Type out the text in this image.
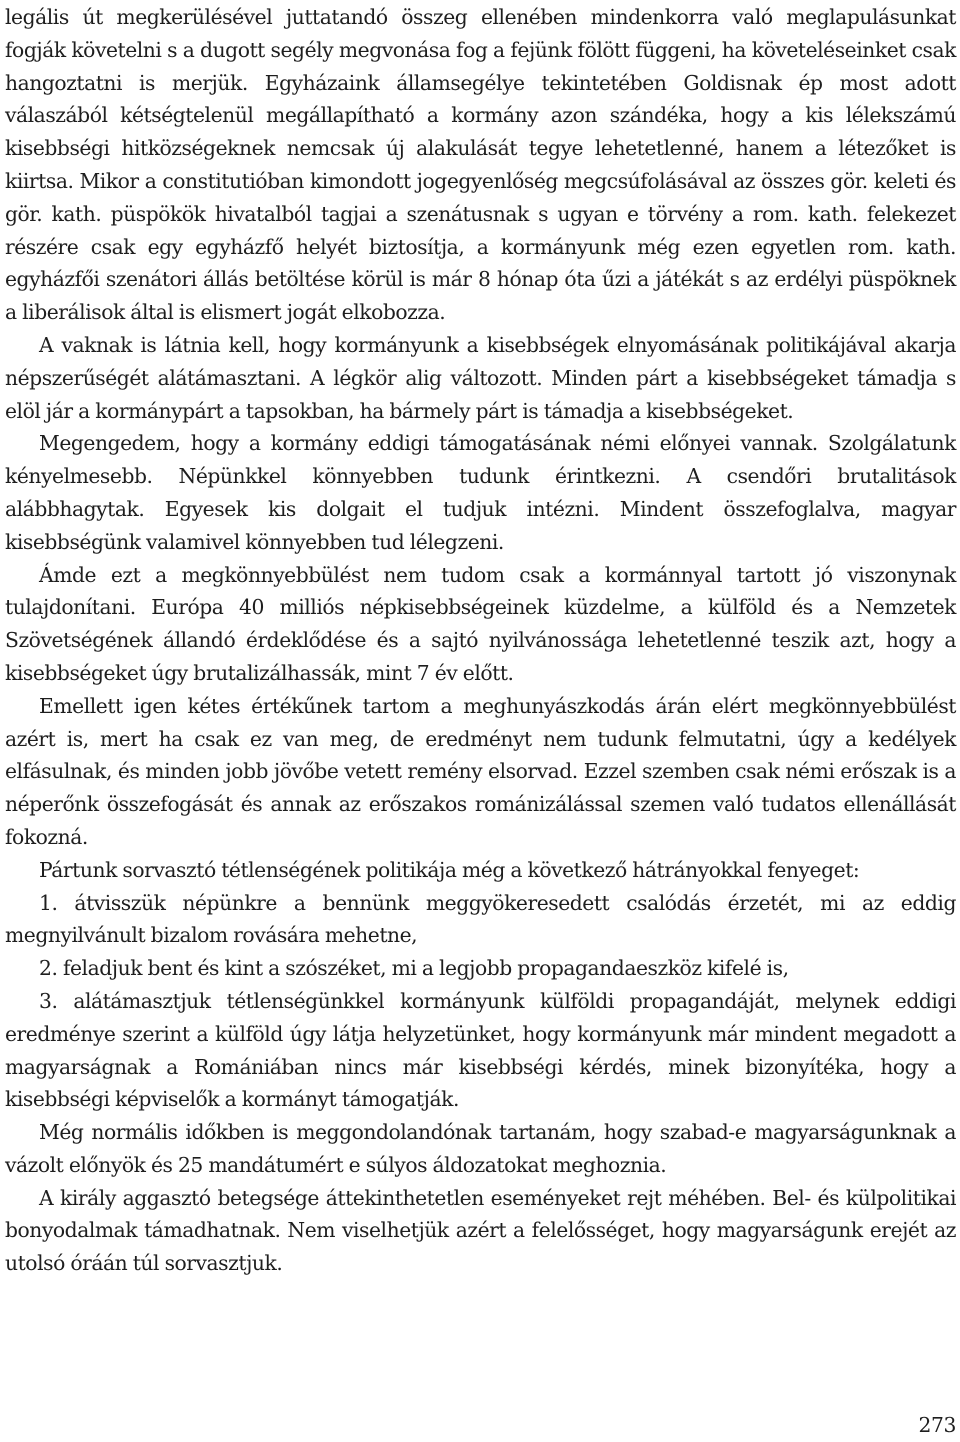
legális út megkerülésével juttatandó összeg ellenében mindenkorra való meglapulásunkat fogják követelni s a dugott segély megvonása fog a fejünk fölött függeni, ha követeléseinket csak hangoztatni is merjük. Egyházaink államsegélye tekintetében Goldisnak ép most adott válaszából kétségtelenül megállapítható a kormány azon szándéka, hogy a kis lélekszámú kisebbségi hitközségeknek nemcsak új alakulását tegye lehetetlenné, hanem a létezőket is kiirtsa. Mikor a constitutióban kimondott jogegyenlőség megcsúfolásával az összes gör. keleti és gör. kath. püspökök hivatalból tagjai a szenátusnak s ugyan e törvény a rom. kath. felekezet részére csak egy egyházfő helyét biztosítja, a kormányunk még ezen egyetlen rom. kath. egyházfői szenátori állás betöltése körül is már 8 hónap óta űzi a játékát s az erdélyi püspöknek a liberálisok által is elismert jogát elkobozza.

A vaknak is látnia kell, hogy kormányunk a kisebbségek elnyomásának politikájával akarja népszerűségét alátámasztani. A légkör alig változott. Minden párt a kisebbségeket támadja s elöl jár a kormánypárt a tapsokban, ha bármely párt is támadja a kisebbségeket.

Megengedem, hogy a kormány eddigi támogatásának némi előnyei vannak. Szolgálatunk kényelmesebb. Népünkkel könnyebben tudunk érintkezni. A csendőri brutalitások alábbhagytak. Egyesek kis dolgait el tudjuk intézni. Mindent összefoglalva, magyar kisebbségünk valamivel könnyebben tud lélegzeni.

Ámde ezt a megkönnyebbülést nem tudom csak a kormánnyal tartott jó viszonynak tulajdonítani. Európa 40 milliós népkisebbségeinek küzdelme, a külföld és a Nemzetek Szövetségének állandó érdeklődése és a sajtó nyilvánossága lehetetlenné teszik azt, hogy a kisebbségeket úgy brutalizálhassák, mint 7 év előtt.

Emellett igen kétes értékűnek tartom a meghunyászkodás árán elért megkönnyebbülést azért is, mert ha csak ez van meg, de eredményt nem tudunk felmutatni, úgy a kedélyek elfásulnak, és minden jobb jövőbe vetett remény elsorvad. Ezzel szemben csak némi erőszak is a néperőnk összefogását és annak az erőszakos románizálással szemen való tudatos ellenállását fokozná.

Pártunk sorvasztó tétlenségének politikája még a következő hátrányokkal fenyeget:

1. átvisszük népünkre a bennünk meggyökeresedett csalódás érzetét, mi az eddig megnyilvánult bizalom rovására mehetne,

2. feladjuk bent és kint a szószéket, mi a legjobb propagandaeszköz kifelé is,

3. alátámasztjuk tétlenségünkkel kormányunk külföldi propagandáját, melynek eddigi eredménye szerint a külföld úgy látja helyzetünket, hogy kormányunk már mindent megadott a magyarságnak a Romániában nincs már kisebbségi kérdés, minek bizonyítéka, hogy a kisebbségi képviselők a kormányt támogatják.

Még normális időkben is meggondolandónak tartanám, hogy szabad-e magyarságunknak a vázolt előnyök és 25 mandátumért e súlyos áldozatokat meghoznia.

A király aggasztó betegsége áttekinthetetlen eseményeket rejt méhében. Bel- és külpolitikai bonyodalmak támadhatnak. Nem viselhetjük azért a felelősséget, hogy magyarságunk erejét az utolsó óráán túl sorvasztjuk.

273
